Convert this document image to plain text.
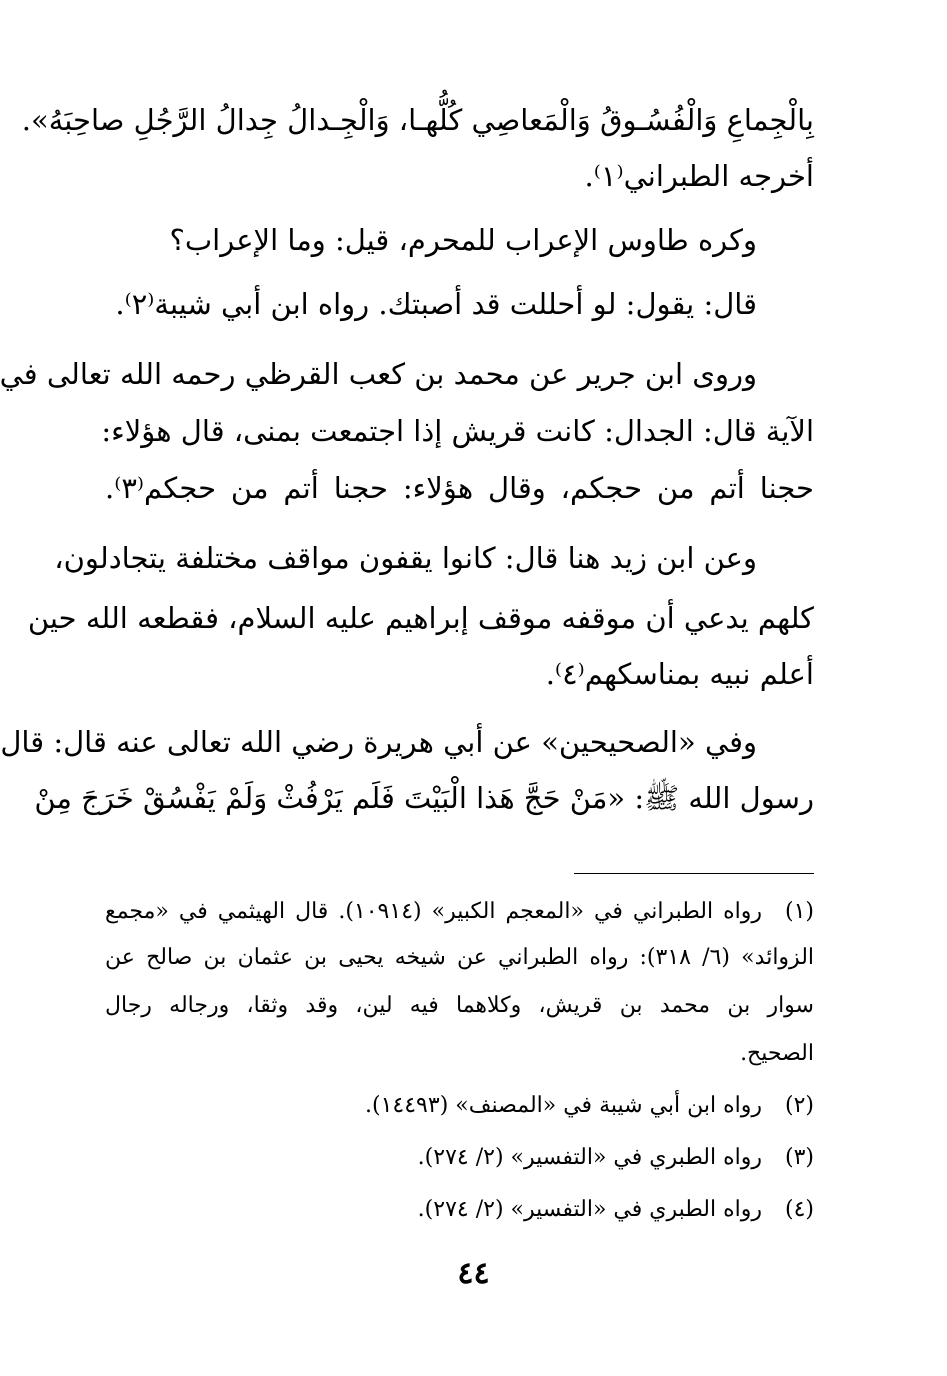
بِالْجِماعِ وَالْفُسُـوقُ وَالْمَعاصِي كُلُّهـا، وَالْجِـدالُ جِدالُ الرَّجُلِ صاحِبَهُ».
أخرجه الطبراني⁽١⁾.
وكره طاوس الإعراب للمحرم، قيل: وما الإعراب؟
قال: يقول: لو أحللت قد أصبتك. رواه ابن أبي شيبة⁽٢⁾.
وروى ابن جرير عن محمد بن كعب القرظي رحمه الله تعالى في
الآية قال: الجدال: كانت قريش إذا اجتمعت بمنى، قال هؤلاء:
حجنا أتم من حجكم، وقال هؤلاء: حجنا أتم من حجكم⁽٣⁾.
وعن ابن زيد هنا قال: كانوا يقفون مواقف مختلفة يتجادلون،
كلهم يدعي أن موقفه موقف إبراهيم عليه السلام، فقطعه الله حين
أعلم نبيه بمناسكهم⁽٤⁾.
وفي «الصحيحين» عن أبي هريرة رضي الله تعالى عنه قال: قال
رسول الله ﷺ: «مَنْ حَجَّ هَذا الْبَيْتَ فَلَم يَرْفُثْ وَلَمْ يَفْسُقْ خَرَجَ مِنْ
(١)
رواه الطبراني في «المعجم الكبير» (١٠٩١٤). قال الهيثمي في «مجمع
الزوائد» (٦/ ٣١٨): رواه الطبراني عن شيخه يحيى بن عثمان بن صالح عن
سوار بن محمد بن قريش، وكلاهما فيه لين، وقد وثقا، ورجاله رجال
الصحيح.
(٢)
رواه ابن أبي شيبة في «المصنف» (١٤٤٩٣).
(٣)
رواه الطبري في «التفسير» (٢/ ٢٧٤).
(٤)
رواه الطبري في «التفسير» (٢/ ٢٧٤).
٤٤
